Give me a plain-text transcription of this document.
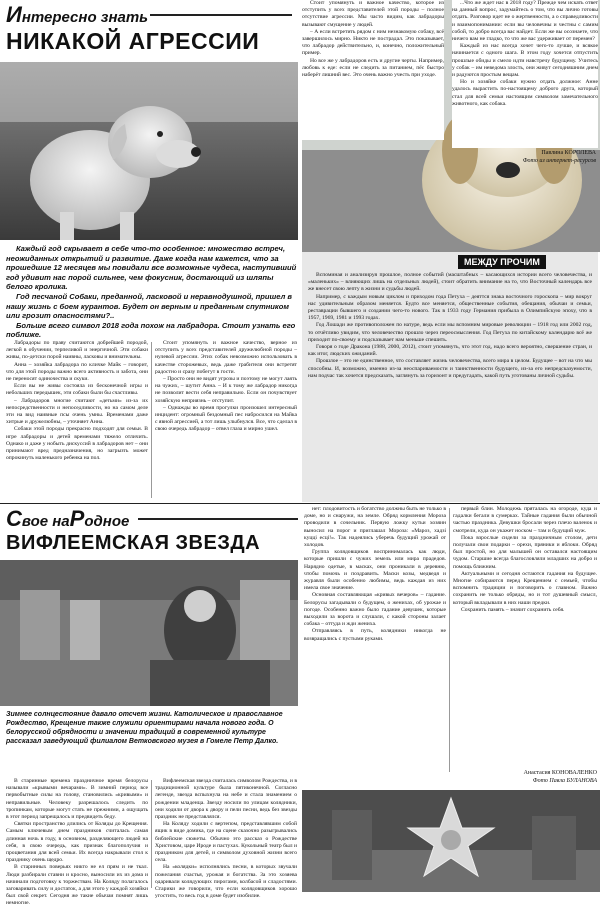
Интересно знать
НИКАКОЙ АГРЕССИИ

Стоит упомянуть и важное качество, которое из отступить у всех представителей этой породы – полное отсутствие агрессии. Мы часто видим, как лабрадоры вызывают смущение у людей.

– А если встретить рядом с ним незнакомую собаку, всё завершилось мирно. Никто не пострадал. Это показывает, что лабрадор действительно, и, конечно, положительный пример.

Но все же у лабрадоров есть и другие черты. Например, любовь к еде: если не следить за питанием, пёс быстро наберёт лишний вес. Это очень важно учесть при уходе.

...Что же ждет нас в 2018 году? Прежде чем искать ответ на данный вопрос, задумайтесь о том, что вы лично готовы отдать. Разговор идет не о жертвенности, а о справедливости и взаимопонимании: если вы человечны и честны с самим собой, то добро всегда вас найдет. Если же вы осознаете, что ничего вам не гладко, то что же вас удерживает от перемен?

Каждый из нас всегда хочет чего-то лучше, и всякое начинается с одного шага. В этом году хочется отпустить прошлые обиды и смело идти навстречу будущему. Учитесь у собак – им неведома злость, они живут сегодняшним днем и радуются простым вещам.

Но и хозяйке собаки нужно отдать должное: Анне удалось вырастить по-настоящему доброго друга, который стал для всей семьи настоящим символом замечательного животного, как собака.

Павлина КОРОЛЕВА
Фото из интернет-ресурсов

Каждый год скрывает в себе что-то особенное: множество встреч, неожиданных открытий и развитие. Даже когда нам кажется, что за прошедшие 12 месяцев мы повидали все возможные чудеса, наступивший год удивит нас порой сильнее, чем фокусник, достающий из шляпы белого кролика.

Год песчаной Собаки, преданной, ласковой и неравнодушной, пришел в нашу жизнь с боем курантов. Будет он верным и преданным спутником или грозит опасностями?..

Больше всего символ 2018 года похож на лабрадора. Стоит узнать его поближе.

Лабрадоры по праву считаются добрейшей породой, легкой в обучении, терпеливой и энергичной. Эти собаки живы, по-детски порой наивны, ласковы и внимательны.

Анна – хозяйка лабрадора по кличке Майк – говорит, что для этой породы важно всего активность и забота, они не переносят одиночества и скуки.

Если вы не живы состояла из бесконечной игры и небольших передышек, эти собаки были бы счастливы.

– Лабрадоров многие считают «детьми» из-за их непосредственности и непоседливости, но на самом деле эти на вид наивные псы очень умны. Временами даже хитрые и дружелюбны, – уточняет Анна.

Собаки этой породы прекрасно подходят для семьи. В игре лабрадоры и детей временами тяжело отличить. Однако и даже у нобыть дискуссий в лабрадоров нет – они принимают вред предназначения, но загрызть может опрокинуть маленького ребенка на пол.

Стоит упомянуть и важное качество, верное из отступить у всех представителей дружелюбной породы – нулевой агрессии. Этих собак невозможно использовать в качестве сторожевых, ведь даже грабителя они встретят радостно и сразу побегут в гости.

– Просто они не видят угрозы и поэтому не могут лаять на чужих, – шутит Анна. – И к тому же лабрадор никогда не позволит вести себя неправильно. Если он почувствует хозяйскую неприязнь – отступит.

– Однажды во время прогулки произошел интересный инцидент: огромный бездомный пес набросился на Майка с явной агрессией, а тот лишь улыбнулся. Все, что сделал в свою очередь лабрадор – отвел глаза и мирно ушел.

МЕЖДУ ПРОЧИМ

Вспоминая и анализируя прошлое, полное событий (масштабных – касающихся истории всего человечества, и «маленьких» – влияющих лишь на отдельных людей), стоит обратить внимание на то, что Восточный календарь все же внесет свою лепту в жизни и судьбы людей.

Например, с каждым новым циклом и приходом года Петуха – деяттся знака восточного гороскопа – мир вокруг нас удивительным образом меняется. Будто все меняется, общественные события, обещания, обычаи и семьи, реставрации бывшего и создании чего-то нового. Так в 1933 году Германия прибыла в Олимпийскую эпоху, что в 1957, 1969, 1981 и 1993 годах.

Год Лошади же противоположен по натуре, ведь если мы вспомним мировые революции – 1918 год или 2002 год, то отчётливо увидим, что человечество прошло через переосмысления. Год Петуха по китайскому календарю всё же приходит по-своему и подсказывает нам меньше спешить.

Говоря о годе Дракона (1988, 2000, 2012), стоит упомянуть, что этот год, надо всего вероятно, свершение стран, и как итог, людских ожиданий.

Прошлое – это не единственное, что составляет жизнь человечества, всего мира в целом. Будущее – вот на что мы способны. И, возможно, именно из-за неоспариваемости и таинственности будущего, из-за его непредсказуемости, нам подчас так хочется предсказать, заглянуть за горизонт и предугадать, какой путь уготованы личной судьбы.

Свое наРодное
ВИФЛЕЕМСКАЯ ЗВЕЗДА
Зимнее солнцестояние давало отсчет жизни. Католическое и православное Рождество, Крещение также служили ориентирами начала нового года. О белорусской обрядности и значении традиций в современной культуре рассказал заведующий филиалом Ветковского музея в Гомеле Петр Далко.

В старинные времена праздничное время белорусы называли «крывыми вечарами». В зимний период все первобытные силы на голову, становились «кривыми» и неправильные. Человеку разрешалось следить по тропинкам, которые могут стать не прежними, а ощущать в этот период запрещалось и предвидеть беду.

Святки пространство длились от Коляды до Крещения. Самым ключевым днем праздников считалась самая длинная ночь в году, в основном, разделяющего людей на себя, в свою очередь, как признак благополучия и процветания для всей семьи. Их всегда накрывали стол к празднику очень щедро.

В старинных поверьях никто не ел прям и не ткал. Люди разбирали ставни и кросно, выносили их из дома и начинали подготовку к торжествам. На Коляду полагалось заговаривать силу и достаток, а для этого у каждой хозяйки был свой секрет. Сегодня же такие обычаи помнят лишь немногие.

Вифлеемская звезда считалась символом Рождества, и в традиционной культуре была пятиконечной. Согласно легенде, звезда вспыхнула на небе и стала знамением о рождении младенца. Звезду носили по улицам колядники, они ходили от двора к двору и пели песни, ведь без звезды праздник не представлялся.

На Коляду ходили с вертепом, представлявшим собой ящик в виде домика, где на сцене сказочно разыгрывались библейские сюжеты. Обычно это рассказ о Рождестве Христовом, царе Ироде и пастухах. Кукольный театр был и праздником для детей, и символом духовной жизни всего села.

На «колядки» исполнялись песни, в которых звучали пожелания счастья, урожая и богатства. За это хозяева одаривали колядующих пирогами, колбасой и сладостями. Старики же говорили, что если колядовщиков хорошо угостить, то весь год в доме будет изобилие.

нет: плодовитость и богатство должны быть не только в доме, но и снаружи, на земле. Обряд кормления Мороза проводили в сочельник. Первую ложку кутьи хозяин выносил на порог и приглашал Мороза: «Мароз, хадзі куцці есці!». Так надеялись уберечь будущий урожай от холодов.

Группа колядовщиков воспринималась как люди, которые пришли с чужих земель или мира прадедов. Нарядно одетые, в масках, они проникали в деревню, чтобы помочь и поздравить. Маски козы, медведя и журавля были особенно любимы, ведь каждая из них имела свое значение.

Основная составляющая «кривых вечеров» – гадание. Белорусы загадывали о будущем, о женихах, об урожае и погоде. Особенно важно было гадание девушек, которые выходили за ворота и слушали, с какой стороны залает собака – оттуда и жди жениха.

Отправляясь в путь, колядники никогда не возвращались с пустыми руками.

первый блин. Молодежь пряталась на огороде, куда и гадалки бегали в сумерках. Тайные гадания были обычной частью праздника. Девушки бросали через плечо валенок и смотрели, куда он укажет носком – там и будущий муж.

Пока взрослые сидели за праздничным столом, дети получали свои подарки – орехи, пряники и яблоки. Обряд был простой, но для малышей он оставался настоящим чудом. Старшие всегда благословляли младших на добро и помощь ближним.

Актуальными и сегодня остаются гадания на будущее. Многие собираются перед Крещением с семьей, чтобы вспомнить традиции и поговорить о главном. Важно сохранить не только обряды, но и тот душевный смысл, который вкладывали в них наши предки.

Сохранить память – значит сохранить себя.

Анастасия КОНОВАЛЕНКО
Фото Павла БУЛАНОВА
